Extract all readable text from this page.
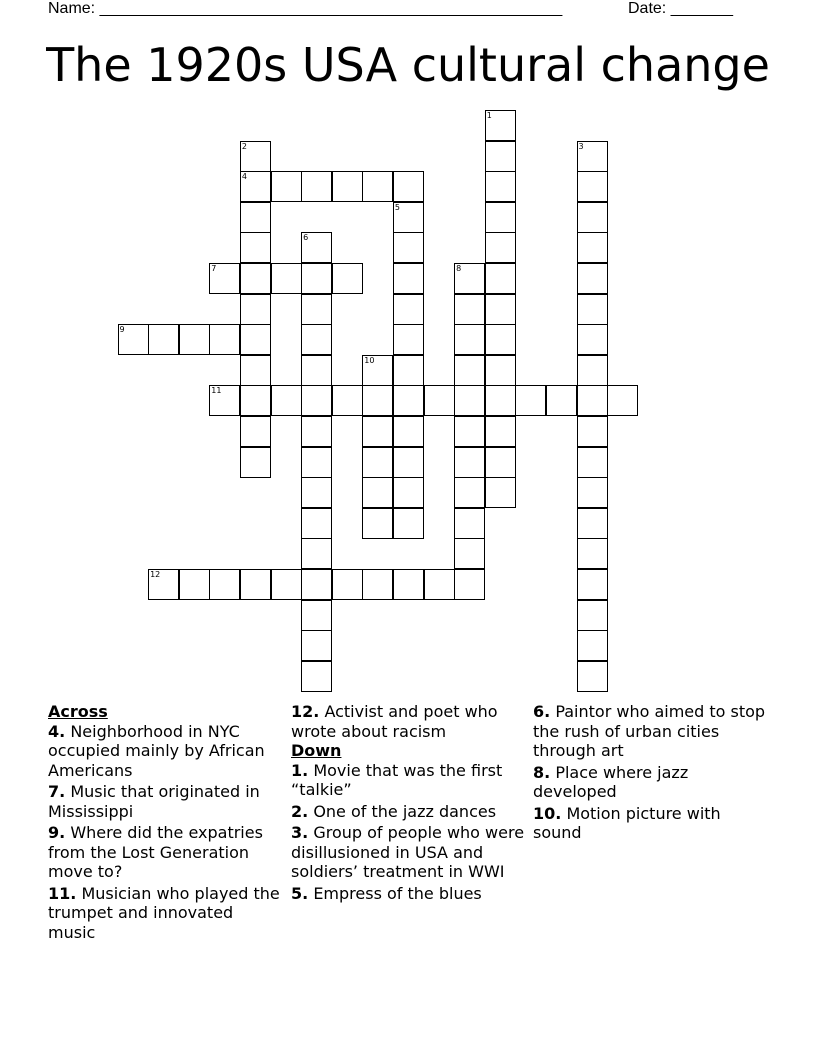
Name: ____________________________________________________	Date: _______
The 1920s USA cultural change
1
2
4
3
5
6
7	8
9
10
11
12
Across
4. Neighborhood in NYC occupied mainly by African Americans
7. Music that originated in Mississippi
9. Where did the expatries from the Lost Generation move to?
11. Musician who played the trumpet and innovated music
12. Activist and poet who wrote about racism
Down
1. Movie that was the first “talkie”
2. One of the jazz dances
3. Group of people who were disillusioned in USA and soldiers’ treatment in WWI
5. Empress of the blues
6. Paintor who aimed to stop the rush of urban cities through art
8. Place where jazz developed
10. Motion picture with sound
